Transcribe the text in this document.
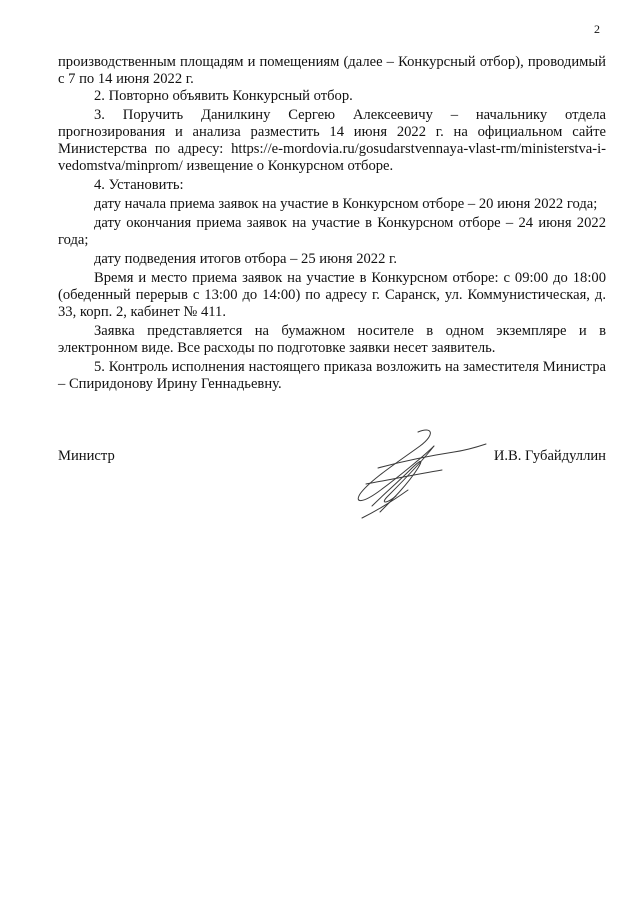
2

производственным площадям и помещениям (далее – Конкурсный отбор), проводимый с 7 по 14 июня 2022 г.

2. Повторно объявить Конкурсный отбор.

3. Поручить Данилкину Сергею Алексеевичу – начальнику отдела прогнозирования и анализа разместить 14 июня 2022 г. на официальном сайте Министерства по адресу: https://e-mordovia.ru/gosudarstvennaya-vlast-rm/ministerstva-i-vedomstva/minprom/ извещение о Конкурсном отборе.

4. Установить:

дату начала приема заявок на участие в Конкурсном отборе – 20 июня 2022 года;

дату окончания приема заявок на участие в Конкурсном отборе – 24 июня 2022 года;

дату подведения итогов отбора – 25 июня 2022 г.

Время и место приема заявок на участие в Конкурсном отборе: с 09:00 до 18:00 (обеденный перерыв с 13:00 до 14:00) по адресу г. Саранск, ул. Коммунистическая, д. 33, корп. 2, кабинет № 411.

Заявка представляется на бумажном носителе в одном экземпляре и в электронном виде. Все расходы по подготовке заявки несет заявитель.

5. Контроль исполнения настоящего приказа возложить на заместителя Министра – Спиридонову Ирину Геннадьевну.

Министр	И.В. Губайдуллин
